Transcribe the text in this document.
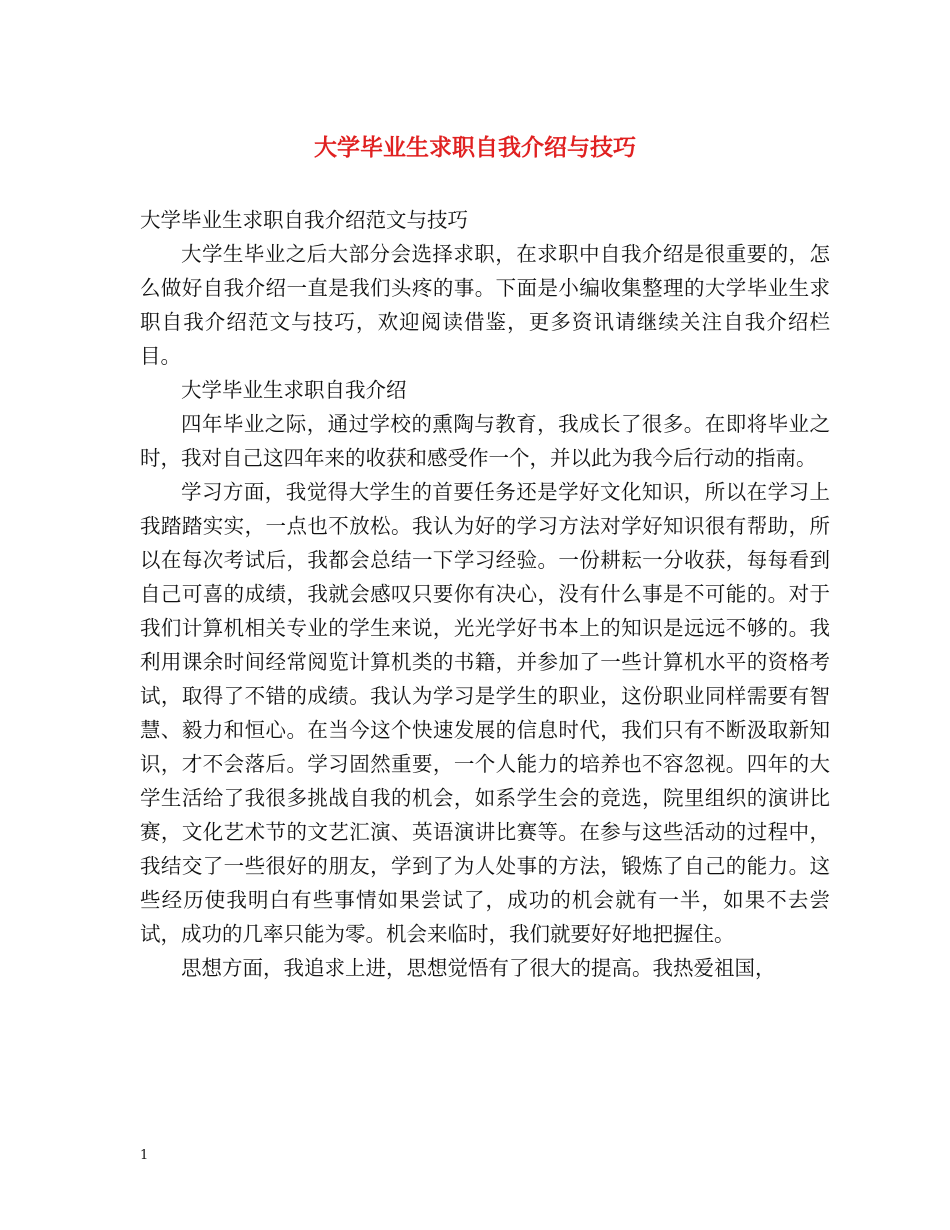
大学毕业生求职自我介绍与技巧

大学毕业生求职自我介绍范文与技巧

大学生毕业之后大部分会选择求职，在求职中自我介绍是很重要的，怎么做好自我介绍一直是我们头疼的事。下面是小编收集整理的大学毕业生求职自我介绍范文与技巧，欢迎阅读借鉴，更多资讯请继续关注自我介绍栏目。

大学毕业生求职自我介绍

四年毕业之际，通过学校的熏陶与教育，我成长了很多。在即将毕业之时，我对自己这四年来的收获和感受作一个，并以此为我今后行动的指南。

学习方面，我觉得大学生的首要任务还是学好文化知识，所以在学习上我踏踏实实，一点也不放松。我认为好的学习方法对学好知识很有帮助，所以在每次考试后，我都会总结一下学习经验。一份耕耘一分收获，每每看到自己可喜的成绩，我就会感叹只要你有决心，没有什么事是不可能的。对于我们计算机相关专业的学生来说，光光学好书本上的知识是远远不够的。我利用课余时间经常阅览计算机类的书籍，并参加了一些计算机水平的资格考试，取得了不错的成绩。我认为学习是学生的职业，这份职业同样需要有智慧、毅力和恒心。在当今这个快速发展的信息时代，我们只有不断汲取新知识，才不会落后。学习固然重要，一个人能力的培养也不容忽视。四年的大学生活给了我很多挑战自我的机会，如系学生会的竞选，院里组织的演讲比赛，文化艺术节的文艺汇演、英语演讲比赛等。在参与这些活动的过程中，我结交了一些很好的朋友，学到了为人处事的方法，锻炼了自己的能力。这些经历使我明白有些事情如果尝试了，成功的机会就有一半，如果不去尝试，成功的几率只能为零。机会来临时，我们就要好好地把握住。

思想方面，我追求上进，思想觉悟有了很大的提高。我热爱祖国，

1
